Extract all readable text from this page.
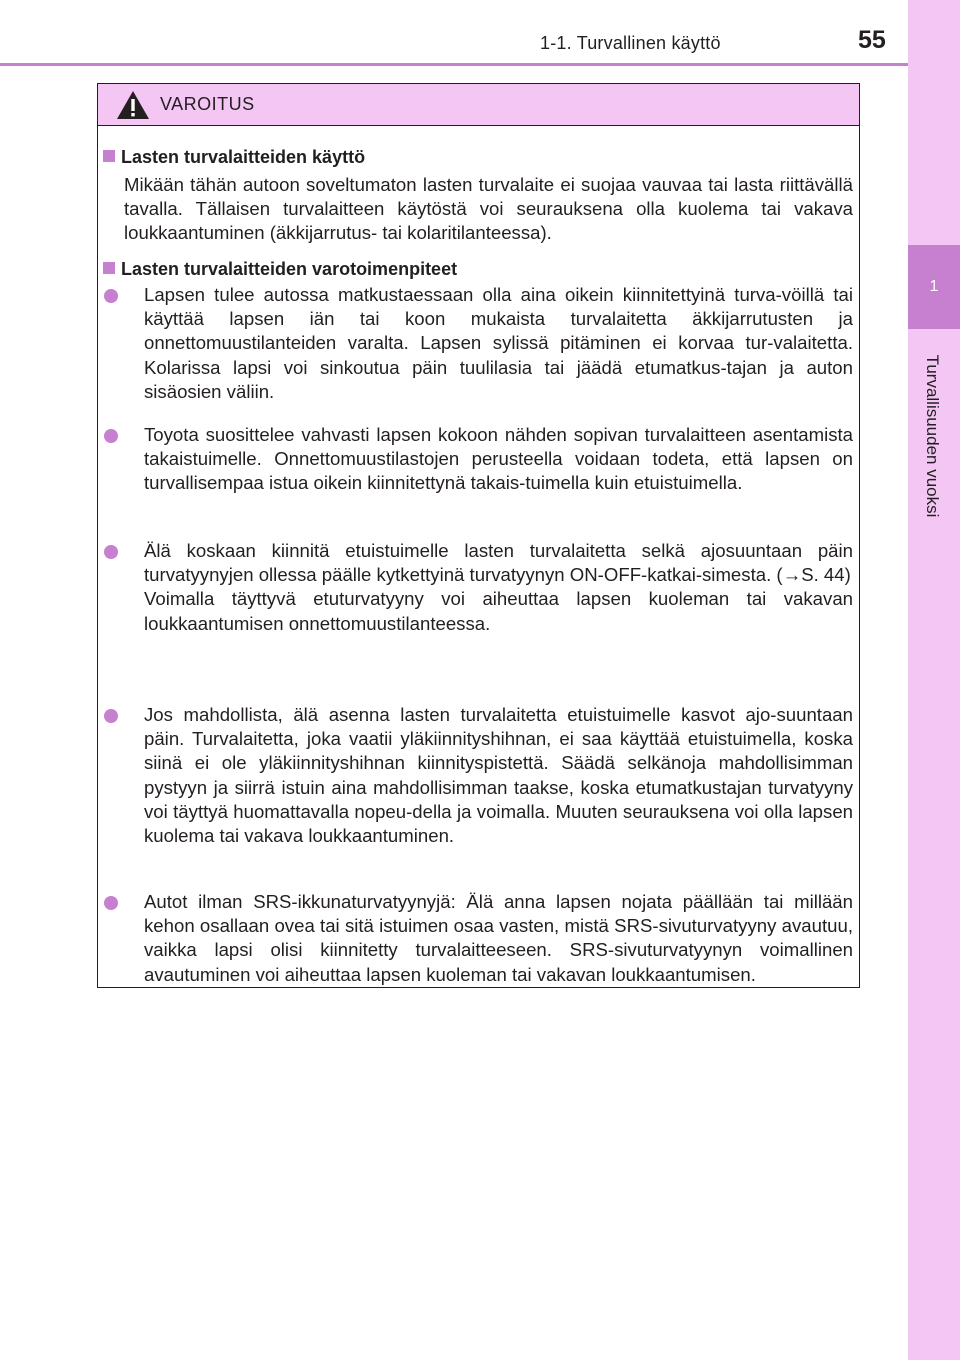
1-1. Turvallinen käyttö	55
1
Turvallisuuden vuoksi
VAROITUS
Lasten turvalaitteiden käyttö

Mikään tähän autoon soveltumaton lasten turvalaite ei suojaa vauvaa tai lasta riittävällä tavalla. Tällaisen turvalaitteen käytöstä voi seurauksena olla kuolema tai vakava loukkaantuminen (äkkijarrutus- tai kolaritilanteessa).

Lasten turvalaitteiden varotoimenpiteet

Lapsen tulee autossa matkustaessaan olla aina oikein kiinnitettyinä turva-vöillä tai käyttää lapsen iän tai koon mukaista turvalaitetta äkkijarrutusten ja onnettomuustilanteiden varalta. Lapsen sylissä pitäminen ei korvaa tur-valaitetta. Kolarissa lapsi voi sinkoutua päin tuulilasia tai jäädä etumatkus-tajan ja auton sisäosien väliin.

Toyota suosittelee vahvasti lapsen kokoon nähden sopivan turvalaitteen asentamista takaistuimelle. Onnettomuustilastojen perusteella voidaan todeta, että lapsen on turvallisempaa istua oikein kiinnitettynä takais-tuimella kuin etuistuimella.

Älä koskaan kiinnitä etuistuimelle lasten turvalaitetta selkä ajosuuntaan päin turvatyynyjen ollessa päälle kytkettyinä turvatyynyn ON-OFF-katkai-simesta. (→S. 44)

Voimalla täyttyvä etuturvatyyny voi aiheuttaa lapsen kuoleman tai vakavan loukkaantumisen onnettomuustilanteessa.

Jos mahdollista, älä asenna lasten turvalaitetta etuistuimelle kasvot ajo-suuntaan päin. Turvalaitetta, joka vaatii yläkiinnityshihnan, ei saa käyttää etuistuimella, koska siinä ei ole yläkiinnityshihnan kiinnityspistettä. Säädä selkänoja mahdollisimman pystyyn ja siirrä istuin aina mahdollisimman taakse, koska etumatkustajan turvatyyny voi täyttyä huomattavalla nopeu-della ja voimalla. Muuten seurauksena voi olla lapsen kuolema tai vakava loukkaantuminen.

Autot ilman SRS-ikkunaturvatyynyjä: Älä anna lapsen nojata päällään tai millään kehon osallaan ovea tai sitä istuimen osaa vasten, mistä SRS-sivuturvatyyny avautuu, vaikka lapsi olisi kiinnitetty turvalaitteeseen. SRS-sivuturvatyynyn voimallinen avautuminen voi aiheuttaa lapsen kuoleman tai vakavan loukkaantumisen.
